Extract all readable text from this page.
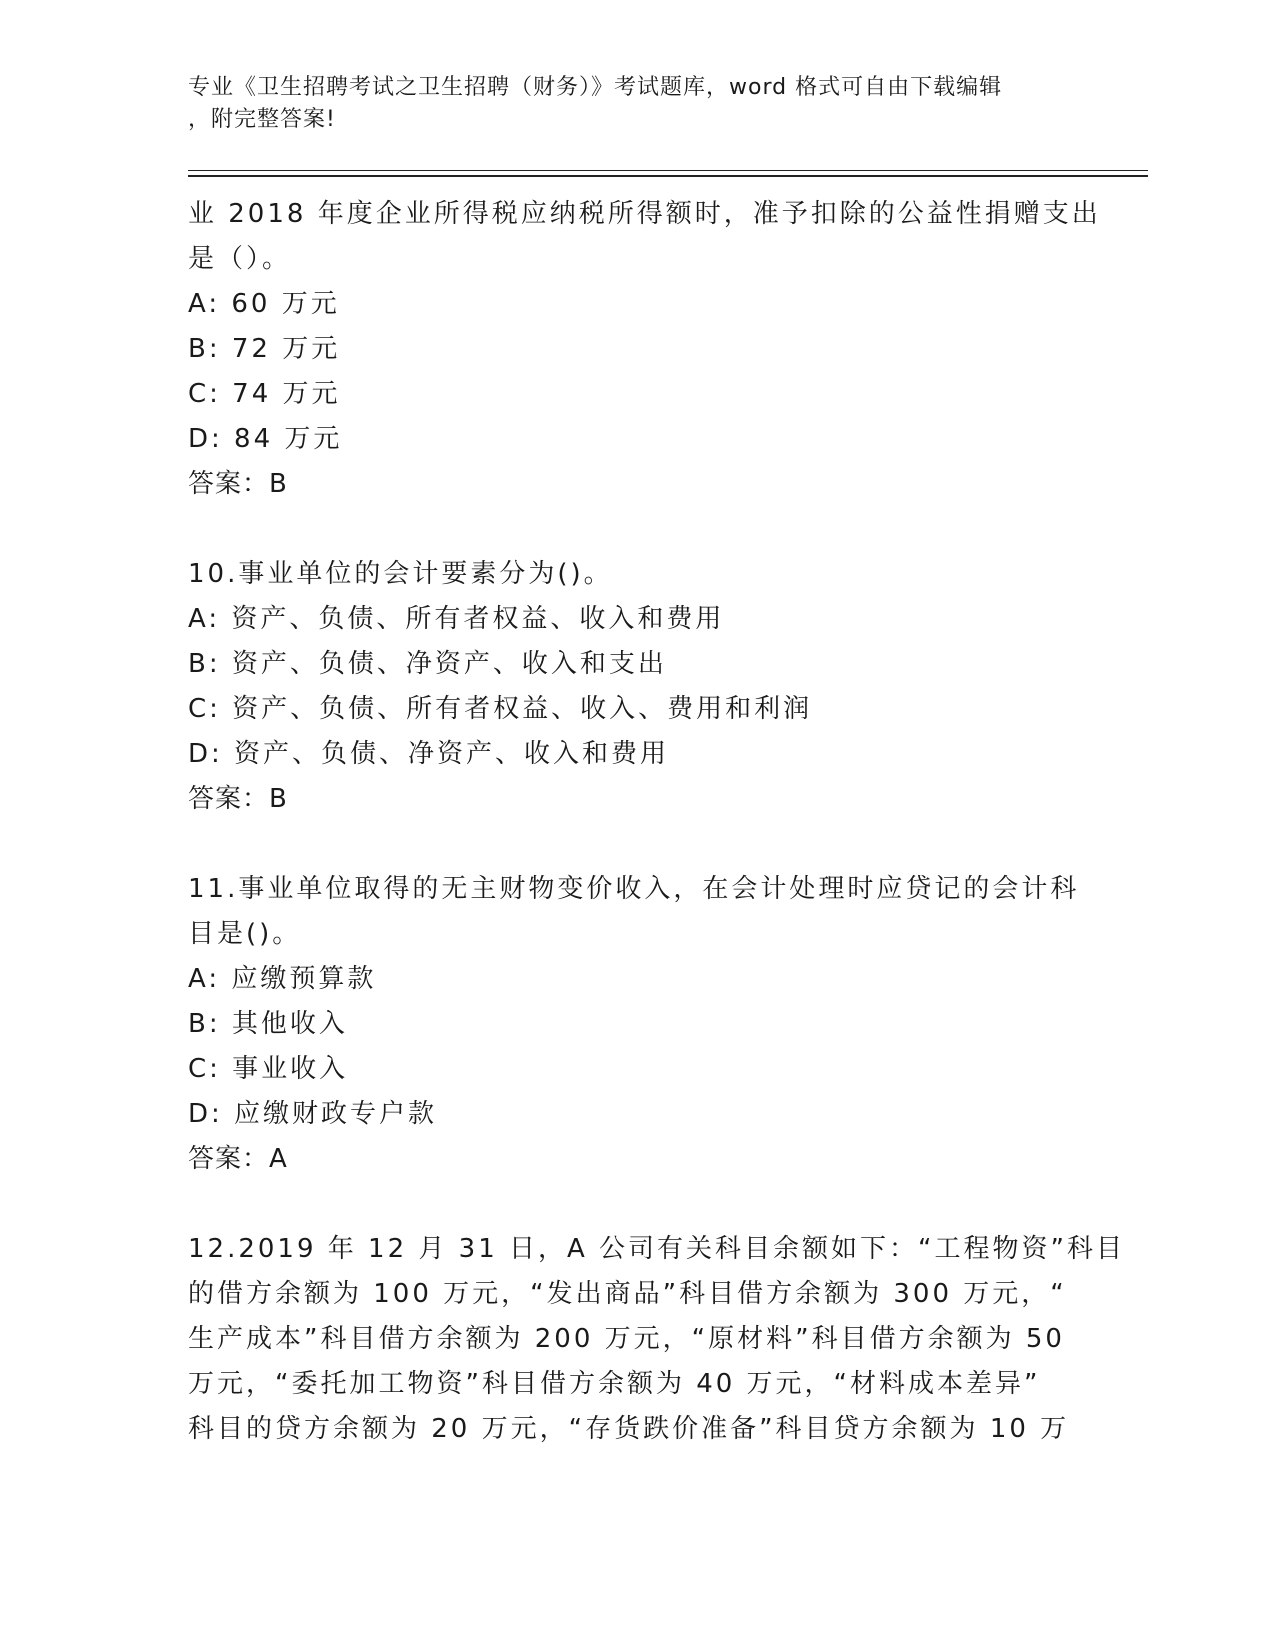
专业《卫生招聘考试之卫生招聘（财务）》考试题库，word 格式可自由下载编辑
，附完整答案!
业 2018 年度企业所得税应纳税所得额时，准予扣除的公益性捐赠支出
是（）。
A: 60 万元
B: 72 万元
C: 74 万元
D: 84 万元
答案：B
10.事业单位的会计要素分为()。
A: 资产、负债、所有者权益、收入和费用
B: 资产、负债、净资产、收入和支出
C: 资产、负债、所有者权益、收入、费用和利润
D: 资产、负债、净资产、收入和费用
答案：B
11.事业单位取得的无主财物变价收入，在会计处理时应贷记的会计科
目是()。
A: 应缴预算款
B: 其他收入
C: 事业收入
D: 应缴财政专户款
答案：A
12.2019 年 12 月 31 日，A 公司有关科目余额如下：“工程物资”科目
的借方余额为 100 万元，“发出商品”科目借方余额为 300 万元，“
生产成本”科目借方余额为 200 万元，“原材料”科目借方余额为 50
万元，“委托加工物资”科目借方余额为 40 万元，“材料成本差异”
科目的贷方余额为 20 万元，“存货跌价准备”科目贷方余额为 10 万
